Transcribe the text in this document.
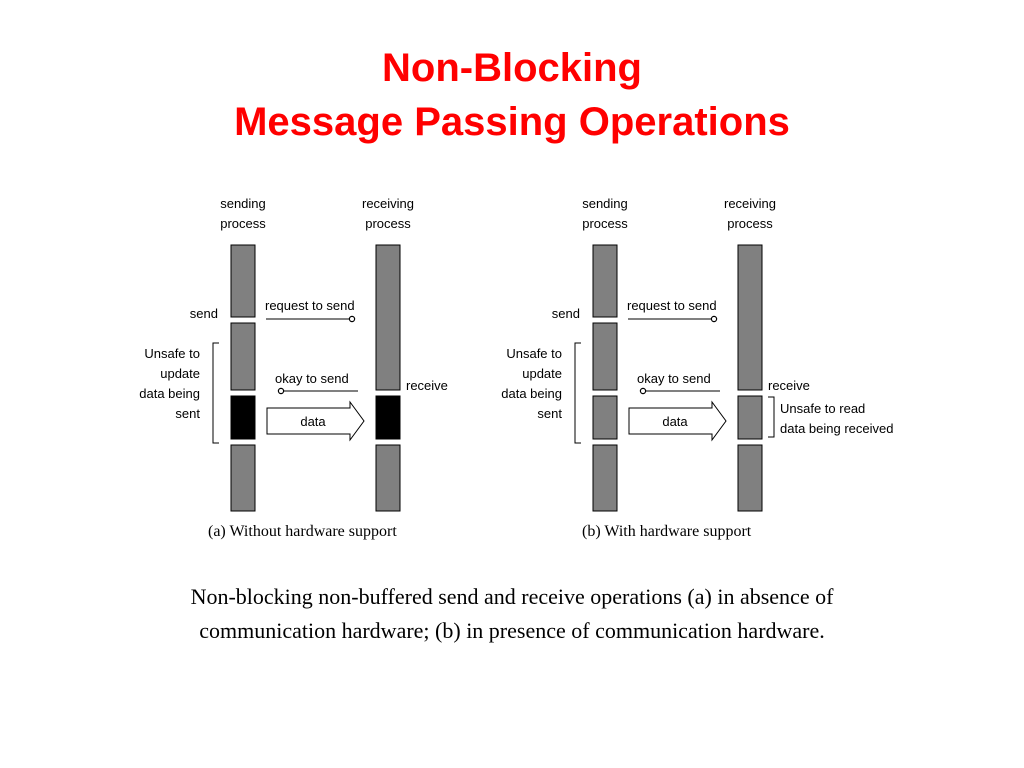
Non-Blocking
Message Passing Operations
sending
process
receiving
process
send
receive
request to send
okay to send
data
Unsafe to
update
data being
sent
(a) Without hardware support
sending
process
receiving
process
send
receive
request to send
okay to send
data
Unsafe to
update
data being
sent	Unsafe to read
data being received
(b) With hardware support

Non-blocking non-buffered send and receive operations (a) in absence of communication hardware; (b) in presence of communication hardware.
